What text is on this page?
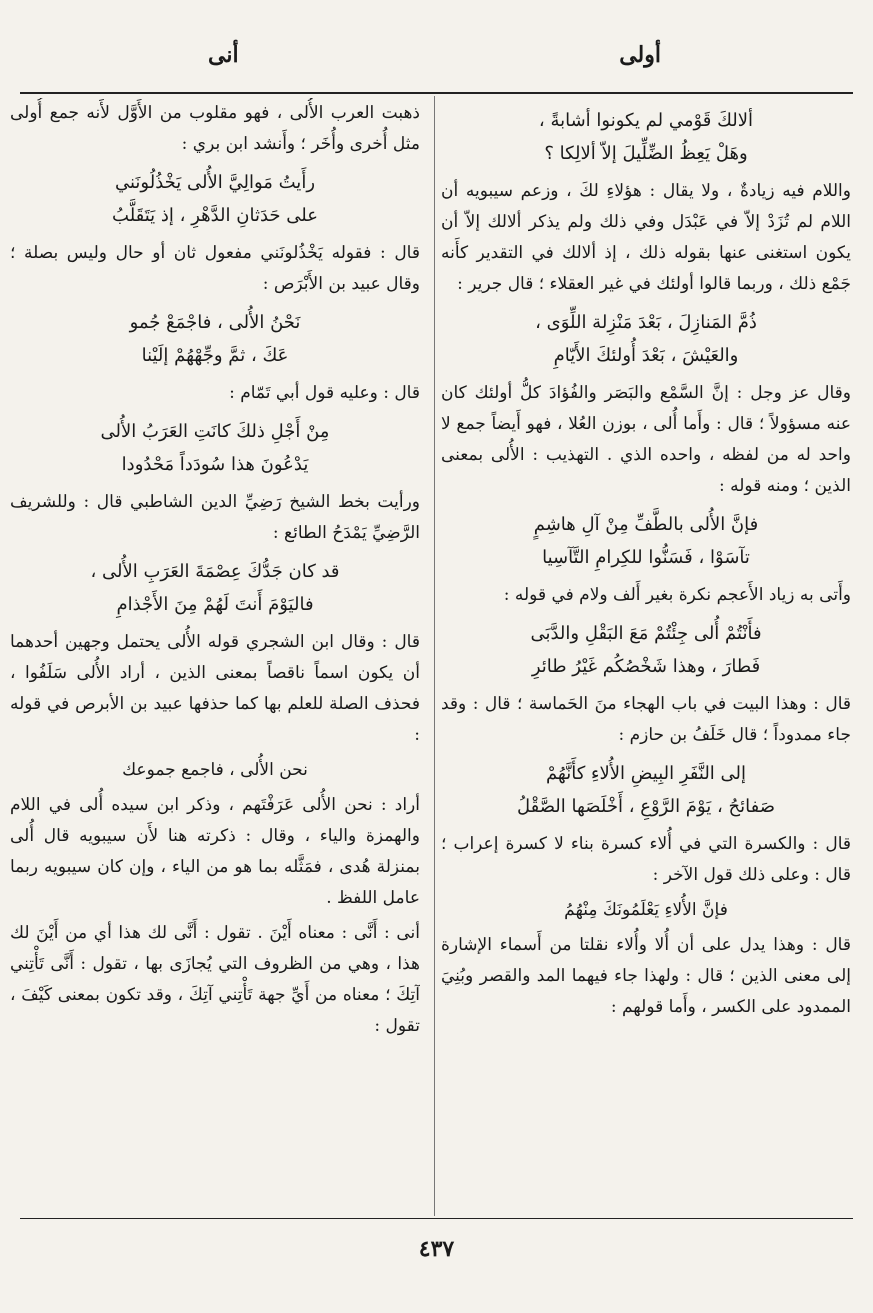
أولى
أنى
ألالكَ قَوْمي لم يكونوا أشابةً ،
وهَلْ يَعِظُ الضِّلِّيلَ إلاّ ألالِكا ؟

واللام فيه زيادةٌ ، ولا يقال : هؤلاءِ لكَ ، وزعم سيبويه أن اللام لم تُزَدْ إلاّ في عَبْدَل وفي ذلك ولم يذكر ألالك إلاّ أن يكون استغنى عنها بقوله ذلك ، إذ ألالك في التقدير كأَنه جَمْع ذلك ، وربما قالوا أولئك في غير العقلاء ؛ قال جرير :

ذُمَّ المَنازِلَ ، بَعْدَ مَنْزِلة اللِّوَى ،
والعَيْشَ ، بَعْدَ أُولئكَ الأَيّامِ

وقال عز وجل : إنَّ السَّمْع والبَصَر والفُؤادَ كلُّ أولئك كان عنه مسؤولاً ؛ قال : وأَما أُلى ، بوزن العُلا ، فهو أَيضاً جمع لا واحد له من لفظه ، واحده الذي . التهذيب : الأُلى بمعنى الذين ؛ ومنه قوله :

فإنَّ الأُلى بالطَّفِّ مِنْ آلِ هاشِمٍ
تآسَوْا ، فَسَنُّوا للكِرامِ التَّآسِيا

وأَتى به زياد الأَعجم نكرة بغير أَلف ولام في قوله :

فأَنْتُمْ أُلى جِئْتُمْ مَعَ البَقْلِ والدَّبَى
فَطارَ ، وهذا شَخْصُكُم غَيْرُ طائرِ

قال : وهذا البيت في باب الهجاء منَ الحَماسة ؛ قال : وقد جاء ممدوداً ؛ قال خَلَفُ بن حازم :

إلى النَّفَرِ البِيضِ الأُلاءِ كأَنَّهُمْ
صَفائحُ ، يَوْمَ الرَّوْعِ ، أَخْلَصَها الصَّقْلُ

قال : والكسرة التي في أُلاء كسرة بناء لا كسرة إعراب ؛ قال : وعلى ذلك قول الآخر :

فإنَّ الأُلاءِ يَعْلَمُونَكَ مِنْهُمُ

قال : وهذا يدل على أن أُلا وأُلاء نقلتا من أَسماء الإشارة إلى معنى الذين ؛ قال : ولهذا جاء فيهما المد والقصر وبُنِيَ الممدود على الكسر ، وأَما قولهم :

ذهبت العرب الأُلى ، فهو مقلوب من الأَوَّل لأَنه جمع أُولى مثل أُخرى وأُخَر ؛ وأَنشد ابن بري :

رأَيتُ مَوالِيَّ الأُلى يَخْذُلُونَني
على حَدَثانِ الدَّهْرِ ، إذ يَتَقَلَّبُ

قال : فقوله يَخْذُلونَني مفعول ثان أو حال وليس بصلة ؛ وقال عبيد بن الأَبْرَص :

نَحْنُ الأُلى ، فاجْمَعْ جُمو
عَكَ ، ثمَّ وجِّهْهُمْ إلَيْنا

قال : وعليه قول أبي تَمّام :

مِنْ أَجْلِ ذلكَ كانَتِ العَرَبُ الأُلى
يَدْعُونَ هذا سُودَداً مَحْدُودا

ورأيت بخط الشيخ رَضِيِّ الدين الشاطبي قال : وللشريف الرَّضِيِّ يَمْدَحُ الطائع :

قد كان جَدُّكَ عِصْمَةَ العَرَبِ الأُلى ،
فاليَوْمَ أَنتَ لَهُمْ مِنَ الأَجْذامِ

قال : وقال ابن الشجري قوله الأُلى يحتمل وجهين أحدهما أن يكون اسماً ناقصاً بمعنى الذين ، أراد الأُلى سَلَفُوا ، فحذف الصلة للعلم بها كما حذفها عبيد بن الأبرص في قوله :

نحن الأُلى ، فاجمع جموعك

أراد : نحن الأُلى عَرَفْتَهم ، وذكر ابن سيده أُلى في اللام والهمزة والياء ، وقال : ذكرته هنا لأَن سيبويه قال أُلى بمنزلة هُدى ، فمَثَّله بما هو من الياء ، وإن كان سيبويه ربما عامل اللفظ .

أنى : أَنَّى : معناه أَيْنَ . تقول : أَنَّى لك هذا أي من أَيْنَ لك هذا ، وهي من الظروف التي يُجازَى بها ، تقول : أَنَّى تَأْتِني آتِكَ ؛ معناه من أَيِّ جهة تَأْتِني آتِكَ ، وقد تكون بمعنى كَيْفَ ، تقول :

٤٣٧
